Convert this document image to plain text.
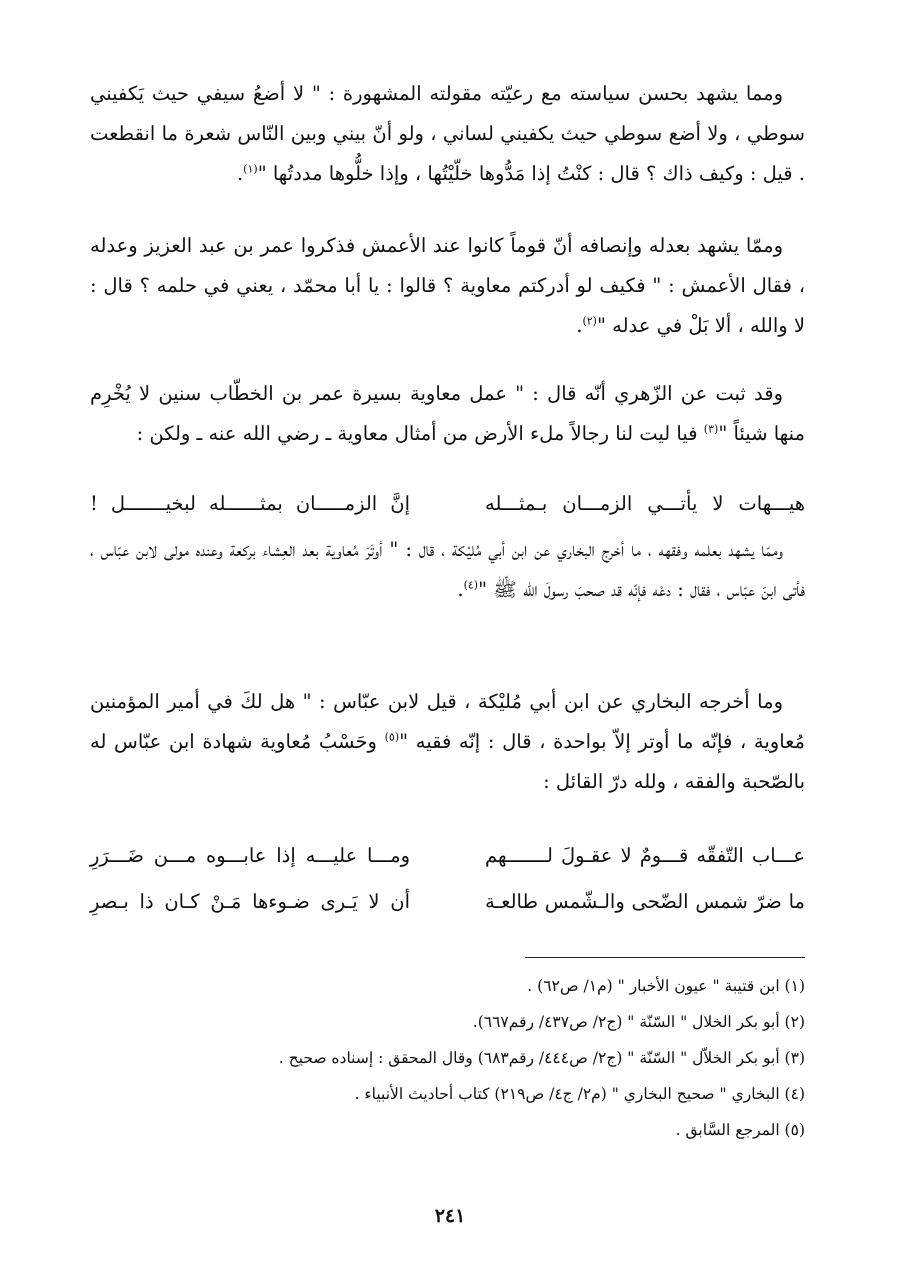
ومما يشهد بحسن سياسته مع رعيّته مقولته المشهورة : " لا أضعُ سيفي حيث يَكفيني سوطي ، ولا أضع سوطي حيث يكفيني لساني ، ولو أنّ بيني وبين النّاس شعرة ما انقطعت . قيل : وكيف ذاك ؟ قال : كنْتُ إذا مَدُّوها خلّيْتُها ، وإذا خلُّوها مددتُها "$^{(١)}$.

وممّا يشهد بعدله وإنصافه أنّ قوماً كانوا عند الأعمش فذكروا عمر بن عبد العزيز وعدله ، فقال الأعمش : " فكيف لو أدركتم معاوية ؟ قالوا : يا أبا محمّد ، يعني في حلمه ؟ قال : لا والله ، ألا بَلْ في عدله "$^{(٢)}$.

وقد ثبت عن الزّهري أنّه قال : " عمل معاوية بسيرة عمر بن الخطّاب سنين لا يُخْرِم منها شيئاً "$^{(٣)}$ فيا ليت لنا رجالاً ملء الأرض من أمثال معاوية ـ رضي الله عنه ـ ولكن :

هيـــهات لا يأتـــي الزمـــان بـمثـــله
إنَّ الزمـــــان بمثــــــله لبخيـــــــل !

وممّا يشهد بعلمه وفقهه ، ما أخرج البخاري عن ابن أبي مُليْكة ، قال : " أوتَرَ مُعاوية بعد العِشاء بركعة وعنده مولى لابن عبّاس ، فأتى ابنَ عبّاس ، فقال : دعْه فإنّه قد صحبَ رسولَ الله ﷺ "$^{(٤)}$.

وما أخرجه البخاري عن ابن أبي مُليْكة ، قيل لابن عبّاس : " هل لكَ في أمير المؤمنين مُعاوية ، فإنّه ما أوتر إلاّ بواحدة ، قال : إنّه فقيه "$^{(٥)}$ وحَسْبُ مُعاوية شهادة ابن عبّاس له بالصّحبة والفقه ، ولله درّ القائل :

عـــاب التّفقّه قـــومٌ لا عقـولَ لـــــــهم
ومـــا عليـــه إذا عابـــوه مـــن ضَـــرَرِ
ما ضرّ شمس الضّحى والـشّمس طالعـة
أن لا يَـرى ضـوءها مَـنْ كـان ذا بـصرِ

(١) ابن قتيبة " عيون الأخبار " (م١/ ص٦٢) .

(٢) أبو بكر الخلال " السّنّة " (ج٢/ ص٤٣٧/ رقم٦٦٧).

(٣) أبو بكر الخلاّل " السّنّة " (ج٢/ ص٤٤٤/ رقم٦٨٣) وقال المحقق : إسناده صحيح .

(٤) البخاري " صحيح البخاري " (م٢/ ج٤/ ص٢١٩) كتاب أحاديث الأنبياء .

(٥) المرجع السَّابق .

٢٤١
